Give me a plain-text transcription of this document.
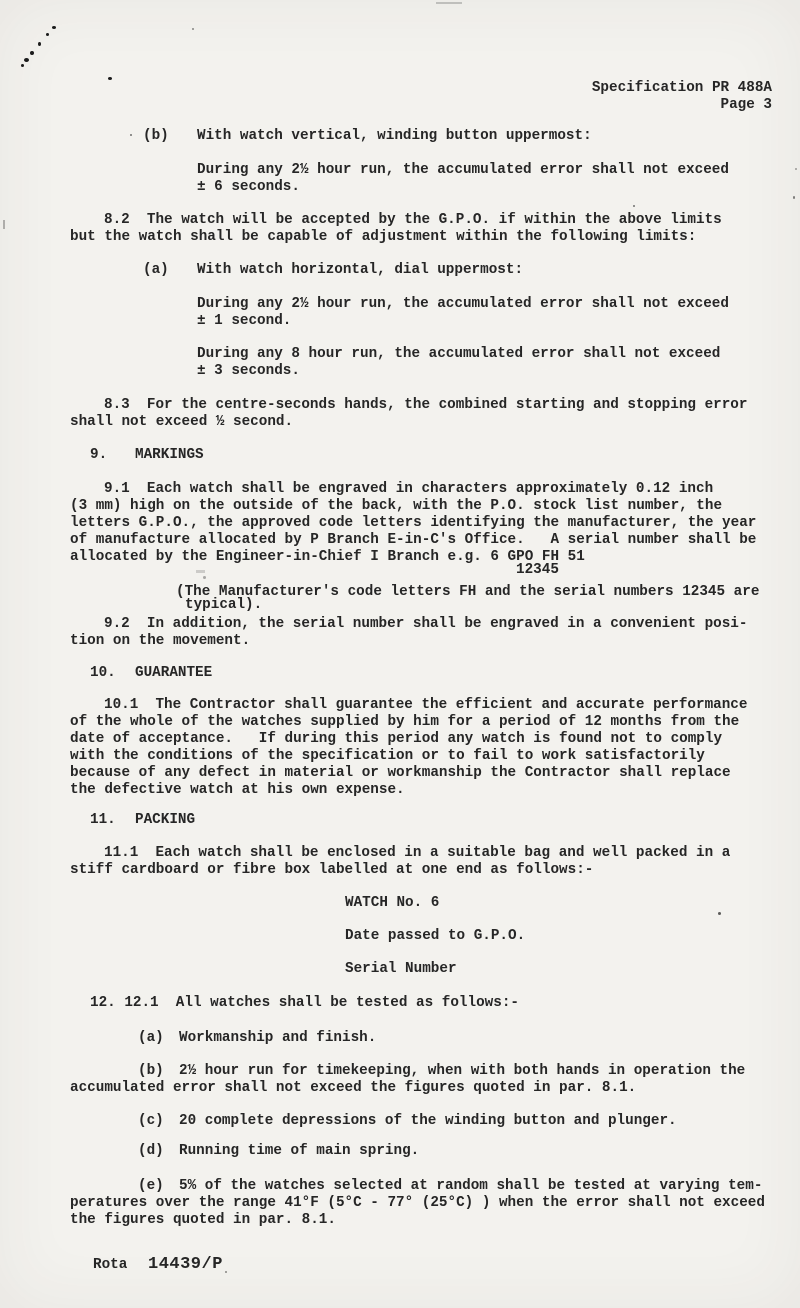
Specification PR 488A
Page 3
(b) With watch vertical, winding button uppermost:
During any 2½ hour run, the accumulated error shall not exceed
± 6 seconds.
8.2  The watch will be accepted by the G.P.O. if within the above limits
but the watch shall be capable of adjustment within the following limits:
(a) With watch horizontal, dial uppermost:
During any 2½ hour run, the accumulated error shall not exceed
± 1 second.
During any 8 hour run, the accumulated error shall not exceed
± 3 seconds.
8.3  For the centre-seconds hands, the combined starting and stopping error
shall not exceed ½ second.
9. MARKINGS
9.1  Each watch shall be engraved in characters approximately 0.12 inch
(3 mm) high on the outside of the back, with the P.O. stock list number, the
letters G.P.O., the approved code letters identifying the manufacturer, the year
of manufacture allocated by P Branch E-in-C's Office.   A serial number shall be
allocated by the Engineer-in-Chief I Branch e.g. 6 GPO FH 51
12345
(The Manufacturer's code letters FH and the serial numbers 12345 are
typical).
9.2  In addition, the serial number shall be engraved in a convenient posi-
tion on the movement.
10. GUARANTEE
10.1  The Contractor shall guarantee the efficient and accurate performance
of the whole of the watches supplied by him for a period of 12 months from the
date of acceptance.   If during this period any watch is found not to comply
with the conditions of the specification or to fail to work satisfactorily
because of any defect in material or workmanship the Contractor shall replace
the defective watch at his own expense.
11. PACKING
11.1  Each watch shall be enclosed in a suitable bag and well packed in a
stiff cardboard or fibre box labelled at one end as follows:-
WATCH No. 6
Date passed to G.P.O.
Serial Number
12. 12.1  All watches shall be tested as follows:-
(a) Workmanship and finish.
(b) 2½ hour run for timekeeping, when with both hands in operation the
accumulated error shall not exceed the figures quoted in par. 8.1.
(c) 20 complete depressions of the winding button and plunger.
(d) Running time of main spring.
(e) 5% of the watches selected at random shall be tested at varying tem-
peratures over the range 41°F (5°C - 77° (25°C) ) when the error shall not exceed
the figures quoted in par. 8.1.
Rota 14439/P
